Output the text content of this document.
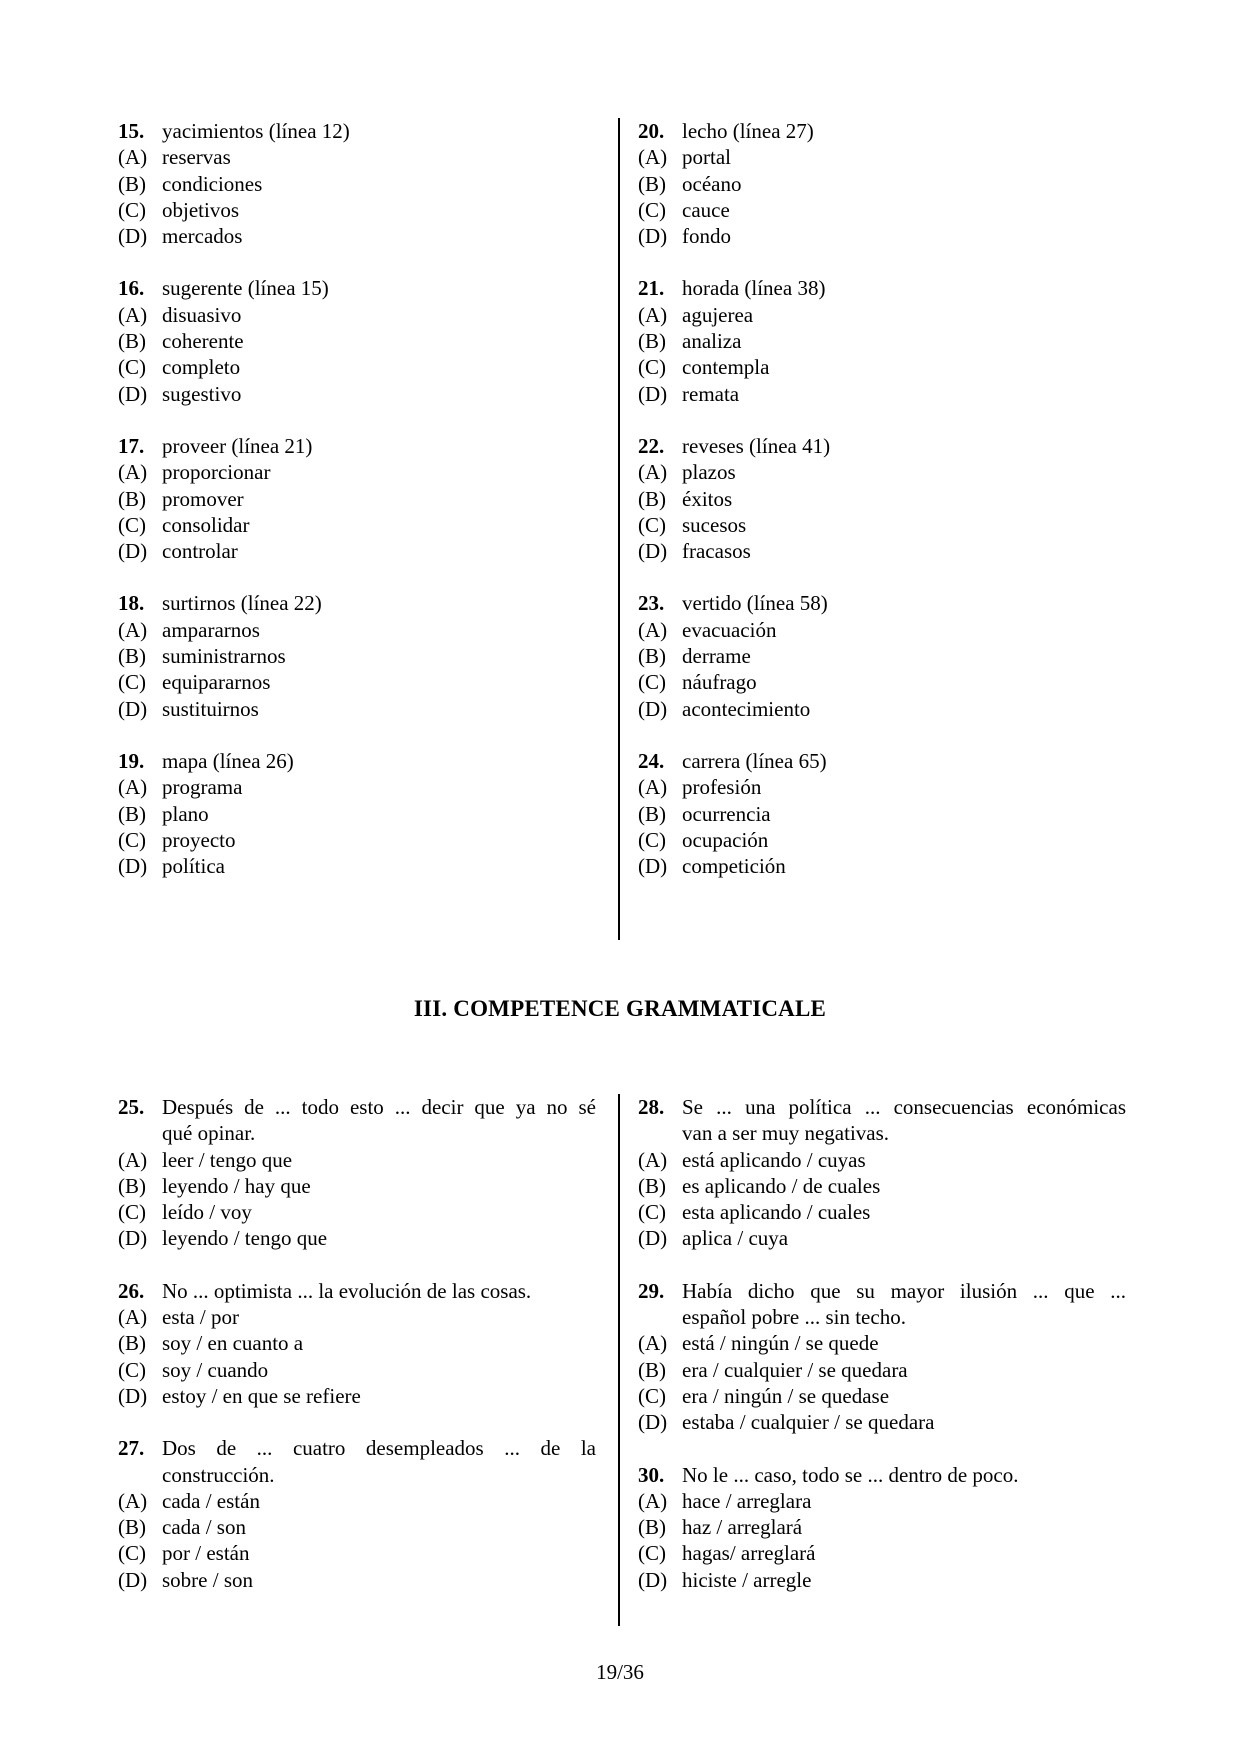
15. yacimientos (línea 12)
(A) reservas
(B) condiciones
(C) objetivos
(D) mercados
16. sugerente (línea 15)
(A) disuasivo
(B) coherente
(C) completo
(D) sugestivo
17. proveer (línea 21)
(A) proporcionar
(B) promover
(C) consolidar
(D) controlar
18. surtirnos (línea 22)
(A) ampararnos
(B) suministrarnos
(C) equipararnos
(D) sustituirnos
19. mapa (línea 26)
(A) programa
(B) plano
(C) proyecto
(D) política
20. lecho (línea 27)
(A) portal
(B) océano
(C) cauce
(D) fondo
21. horada (línea 38)
(A) agujerea
(B) analiza
(C) contempla
(D) remata
22. reveses (línea 41)
(A) plazos
(B) éxitos
(C) sucesos
(D) fracasos
23. vertido (línea 58)
(A) evacuación
(B) derrame
(C) náufrago
(D) acontecimiento
24. carrera (línea 65)
(A) profesión
(B) ocurrencia
(C) ocupación
(D) competición
III. COMPETENCE GRAMMATICALE
25. Después de ... todo esto ... decir que ya no sé
qué opinar.
(A) leer / tengo que
(B) leyendo / hay que
(C) leído / voy
(D) leyendo / tengo que
26. No ... optimista ... la evolución de las cosas.
(A) esta / por
(B) soy / en cuanto a
(C) soy / cuando
(D) estoy / en que se refiere
27. Dos de ... cuatro desempleados ... de la
construcción.
(A) cada / están
(B) cada / son
(C) por / están
(D) sobre / son
28. Se ... una política ... consecuencias económicas
van a ser muy negativas.
(A) está aplicando / cuyas
(B) es aplicando / de cuales
(C) esta aplicando / cuales
(D) aplica / cuya
29. Había dicho que su mayor ilusión ... que ...
español pobre ... sin techo.
(A) está / ningún / se quede
(B) era / cualquier / se quedara
(C) era / ningún / se quedase
(D) estaba / cualquier / se quedara
30. No le ... caso, todo se ... dentro de poco.
(A) hace / arreglara
(B) haz / arreglará
(C) hagas/ arreglará
(D) hiciste / arregle
19/36
